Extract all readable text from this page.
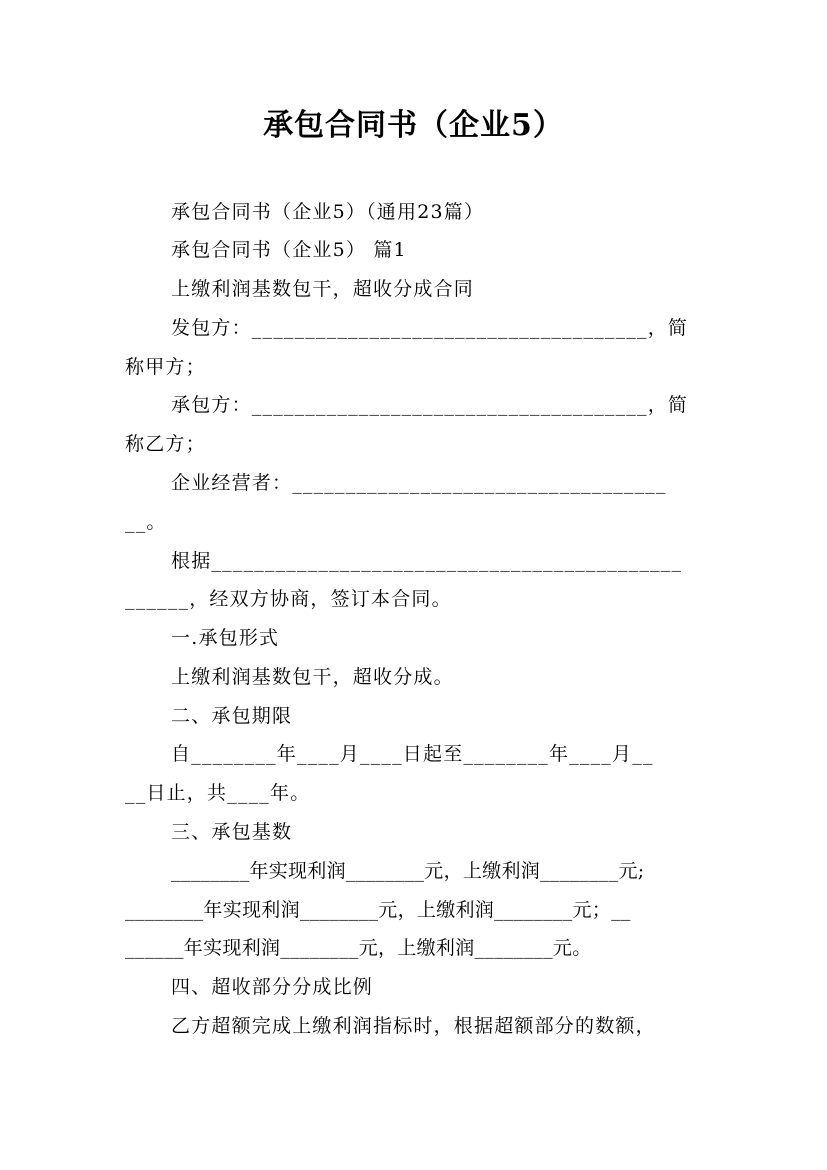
承包合同书（企业5）
承包合同书（企业5）（通用23篇）
承包合同书（企业5） 篇1
上缴利润基数包干，超收分成合同
发包方：_____________________________________，简
称甲方；
承包方：_____________________________________，简
称乙方；
企业经营者：___________________________________
__。
根据____________________________________________
______，经双方协商，签订本合同。
一.承包形式
上缴利润基数包干，超收分成。
二、承包期限
自________年____月____日起至________年____月__
__日止，共____年。
三、承包基数
________年实现利润________元，上缴利润________元;
________年实现利润________元，上缴利润________元；__
______年实现利润________元，上缴利润________元。
四、超收部分分成比例
乙方超额完成上缴利润指标时，根据超额部分的数额，
